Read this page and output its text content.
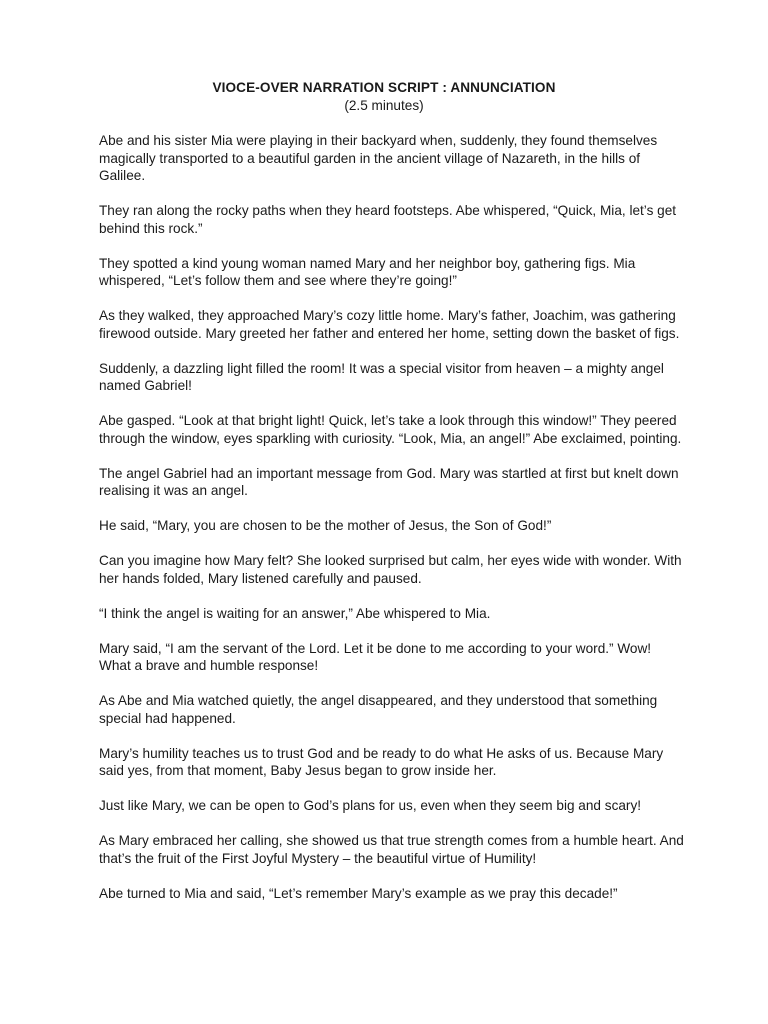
VIOCE-OVER NARRATION SCRIPT : ANNUNCIATION
(2.5 minutes)

Abe and his sister Mia were playing in their backyard when, suddenly, they found themselves magically transported to a beautiful garden in the ancient village of Nazareth, in the hills of Galilee.

They ran along the rocky paths when they heard footsteps. Abe whispered, “Quick, Mia, let’s get behind this rock.”

They spotted a kind young woman named Mary and her neighbor boy, gathering figs. Mia whispered, “Let’s follow them and see where they’re going!”

As they walked, they approached Mary’s cozy little home. Mary’s father, Joachim, was gathering firewood outside. Mary greeted her father and entered her home, setting down the basket of figs.

Suddenly, a dazzling light filled the room! It was a special visitor from heaven – a mighty angel named Gabriel!

Abe gasped. “Look at that bright light! Quick, let’s take a look through this window!” They peered through the window, eyes sparkling with curiosity. “Look, Mia, an angel!” Abe exclaimed, pointing.

The angel Gabriel had an important message from God. Mary was startled at first but knelt down realising it was an angel.

He said, “Mary, you are chosen to be the mother of Jesus, the Son of God!”

Can you imagine how Mary felt? She looked surprised but calm, her eyes wide with wonder. With her hands folded, Mary listened carefully and paused.

“I think the angel is waiting for an answer,” Abe whispered to Mia.

Mary said, “I am the servant of the Lord. Let it be done to me according to your word.” Wow! What a brave and humble response!

As Abe and Mia watched quietly, the angel disappeared, and they understood that something special had happened.

Mary’s humility teaches us to trust God and be ready to do what He asks of us. Because Mary said yes, from that moment, Baby Jesus began to grow inside her.

Just like Mary, we can be open to God’s plans for us, even when they seem big and scary!

As Mary embraced her calling, she showed us that true strength comes from a humble heart. And that’s the fruit of the First Joyful Mystery – the beautiful virtue of Humility!

Abe turned to Mia and said, “Let’s remember Mary’s example as we pray this decade!”
